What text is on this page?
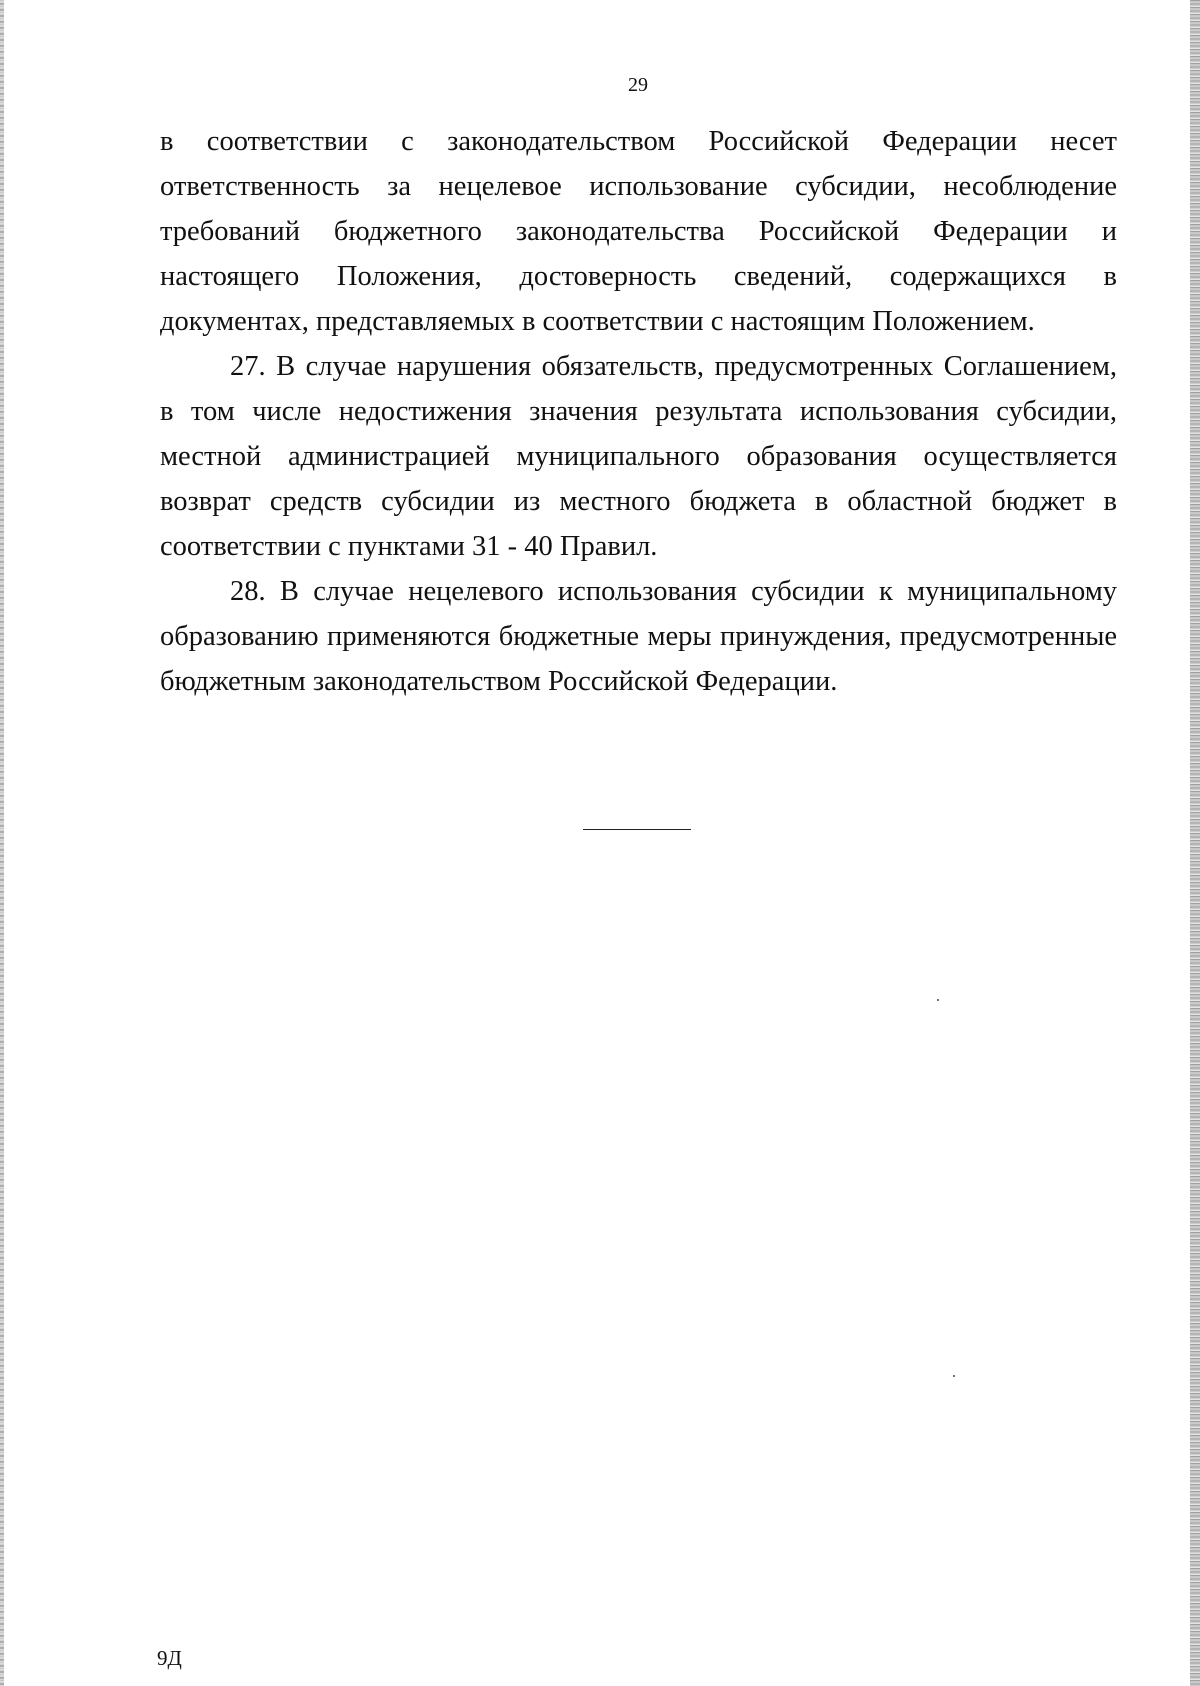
29

в соответствии с законодательством Российской Федерации несет ответственность за нецелевое использование субсидии, несоблюдение требований бюджетного законодательства Российской Федерации и настоящего Положения, достоверность сведений, содержащихся в документах, представляемых в соответствии с настоящим Положением.

27. В случае нарушения обязательств, предусмотренных Соглашением, в том числе недостижения значения результата использования субсидии, местной администрацией муниципального образования осуществляется возврат средств субсидии из местного бюджета в областной бюджет в соответствии с пунктами 31 - 40 Правил.

28. В случае нецелевого использования субсидии к муниципальному образованию применяются бюджетные меры принуждения, предусмотренные бюджетным законодательством Российской Федерации.

9Д
